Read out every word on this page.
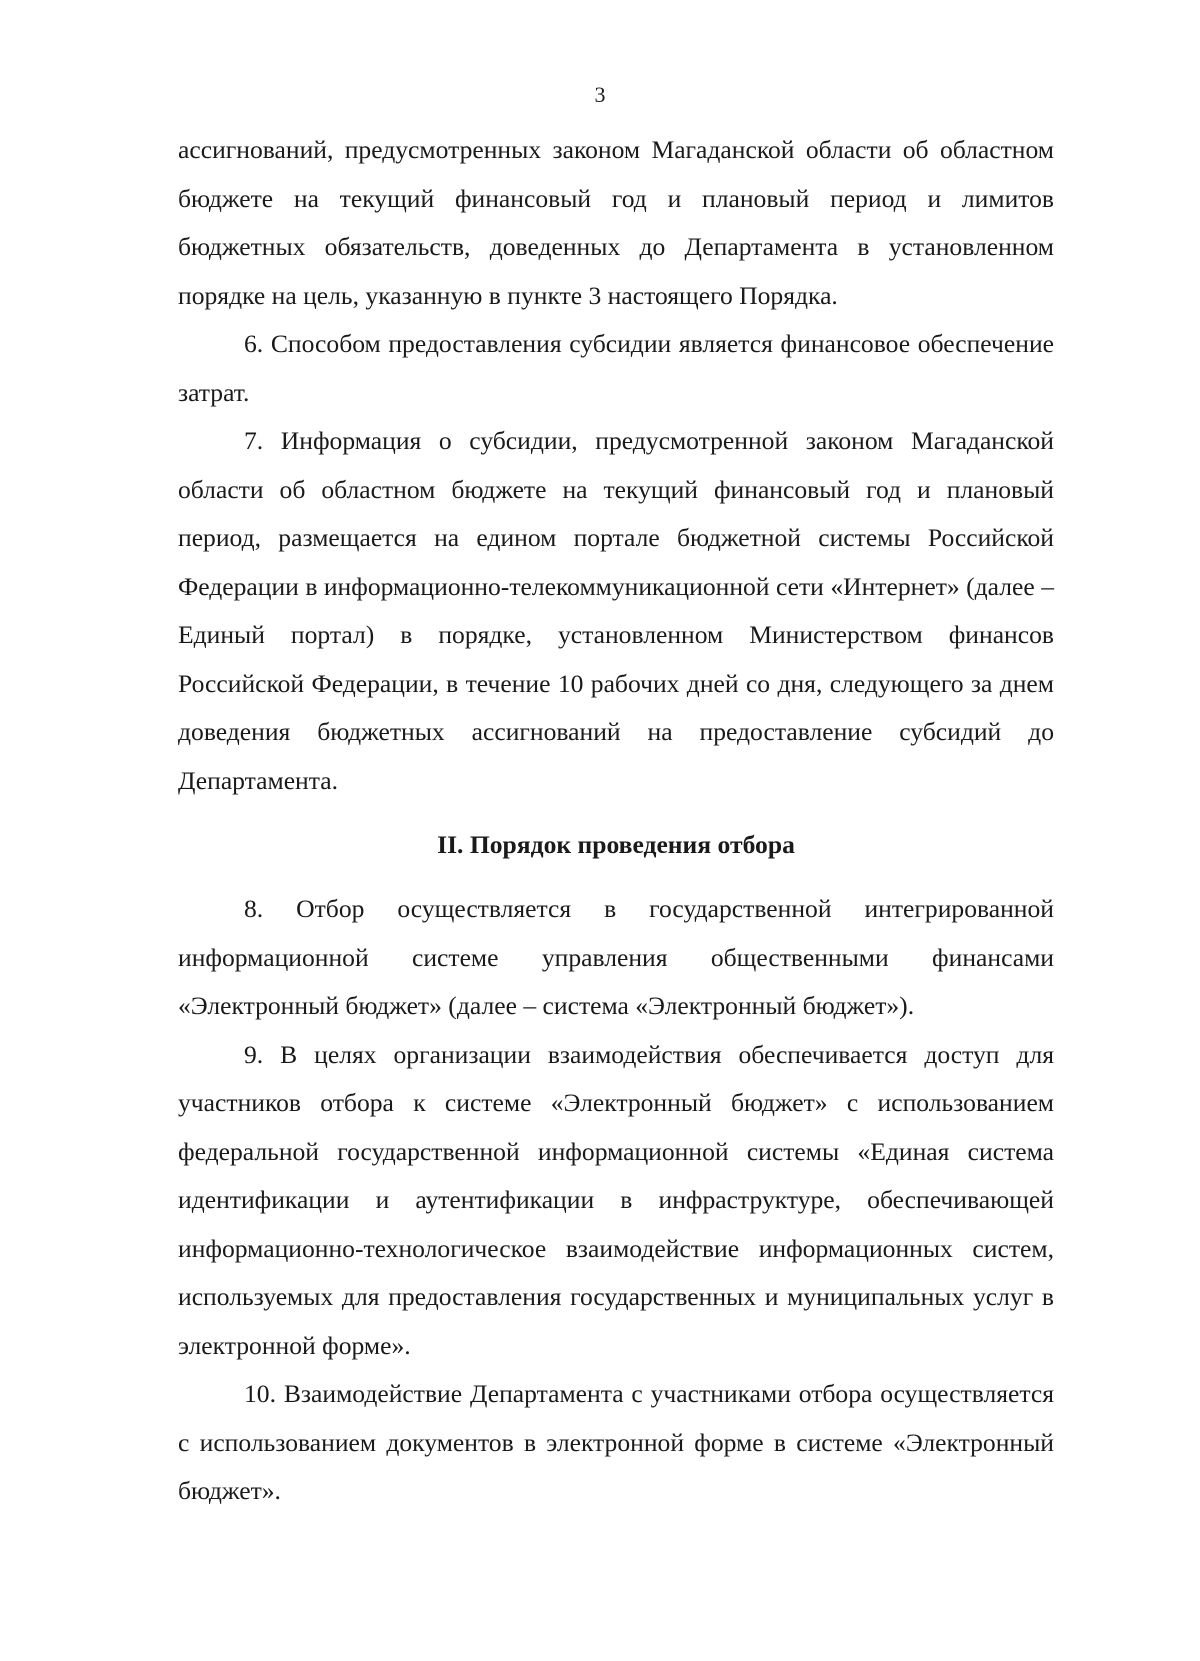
3

ассигнований, предусмотренных законом Магаданской области об областном бюджете на текущий финансовый год и плановый период и лимитов бюджетных обязательств, доведенных до Департамента в установленном порядке на цель, указанную в пункте 3 настоящего Порядка.

6. Способом предоставления субсидии является финансовое обеспечение затрат.

7. Информация о субсидии, предусмотренной законом Магаданской области об областном бюджете на текущий финансовый год и плановый период, размещается на едином портале бюджетной системы Российской Федерации в информационно-телекоммуникационной сети «Интернет» (далее – Единый портал) в порядке, установленном Министерством финансов Российской Федерации, в течение 10 рабочих дней со дня, следующего за днем доведения бюджетных ассигнований на предоставление субсидий до Департамента.

II. Порядок проведения отбора

8. Отбор осуществляется в государственной интегрированной информационной системе управления общественными финансами «Электронный бюджет» (далее – система «Электронный бюджет»).

9. В целях организации взаимодействия обеспечивается доступ для участников отбора к системе «Электронный бюджет» с использованием федеральной государственной информационной системы «Единая система идентификации и аутентификации в инфраструктуре, обеспечивающей информационно-технологическое взаимодействие информационных систем, используемых для предоставления государственных и муниципальных услуг в электронной форме».

10. Взаимодействие Департамента с участниками отбора осуществляется с использованием документов в электронной форме в системе «Электронный бюджет».
